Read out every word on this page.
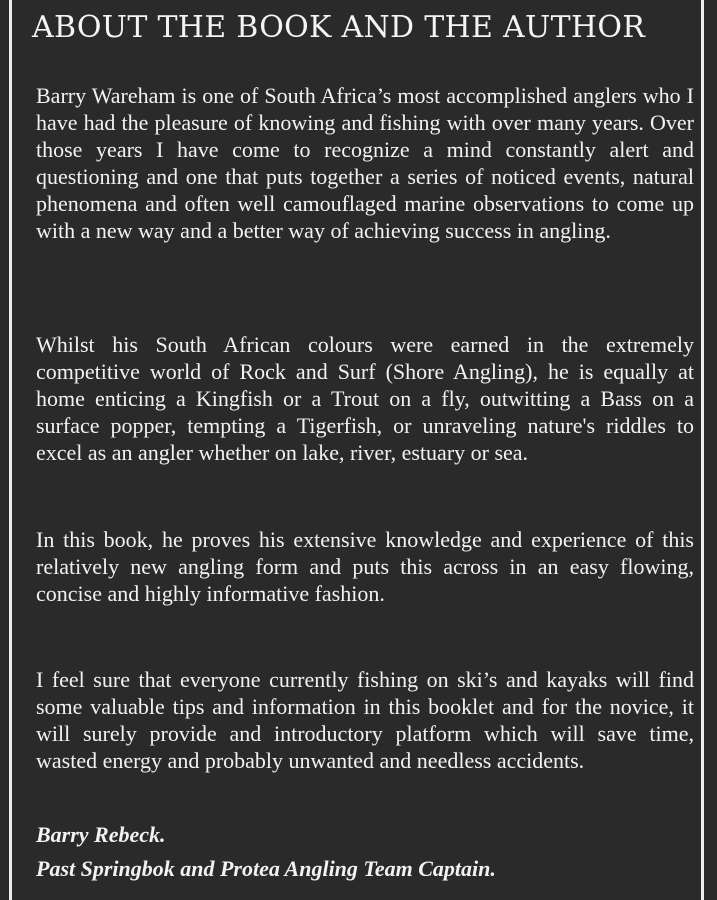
ABOUT THE BOOK AND THE AUTHOR

Barry Wareham is one of South Africa’s most accomplished anglers who I have had the pleasure of knowing and fishing with over many years. Over those years I have come to recognize a mind constantly alert and questioning and one that puts together a series of noticed events, natural phenomena and often well camouflaged marine observations to come up with a new way and a better way of achieving success in angling.

Whilst his South African colours were earned in the extremely competitive world of Rock and Surf (Shore Angling), he is equally at home enticing a Kingfish or a Trout on a fly, outwitting a Bass on a surface popper, tempting a Tigerfish, or unraveling nature's riddles to excel as an angler whether on lake, river, estuary or sea.

In this book, he proves his extensive knowledge and experience of this relatively new angling form and puts this across in an easy flowing, concise and highly informative fashion.

I feel sure that everyone currently fishing on ski’s and kayaks will find some valuable tips and information in this booklet and for the novice, it will surely provide and introductory platform which will save time, wasted energy and probably unwanted and needless accidents.

Barry Rebeck.

Past Springbok and Protea Angling Team Captain.
